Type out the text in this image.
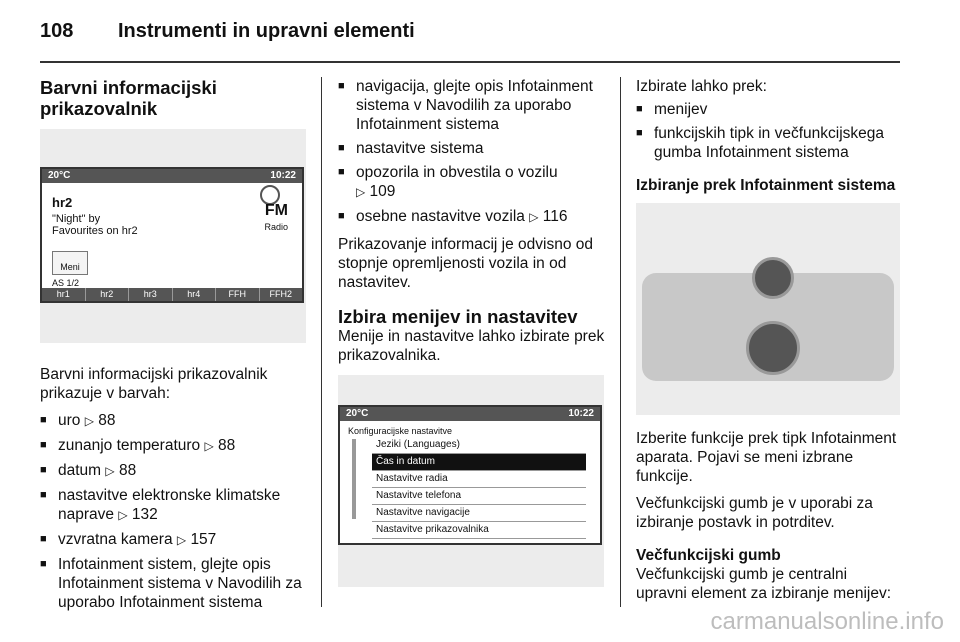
108 Instrumenti in upravni elementi
Barvni informacijski prikazovalnik
20°C	10:22
hr2
"Night" by
Favourites on hr2
FM
Radio
Meni
AS 1/2
hr1	hr2	hr3	hr4	FFH	FFH2

Barvni informacijski prikazovalnik prikazuje v barvah:

■ uro ▷ 88
■ zunanjo temperaturo ▷ 88
■ datum ▷ 88
■ nastavitve elektronske klimatske naprave ▷ 132
■ vzvratna kamera ▷ 157
■ Infotainment sistem, glejte opis Infotainment sistema v Navodilih za uporabo Infotainment sistema
■ navigacija, glejte opis Infotainment sistema v Navodilih za uporabo Infotainment sistema
■ nastavitve sistema
■ opozorila in obvestila o vozilu
▷ 109
■ osebne nastavitve vozila ▷ 116

Prikazovanje informacij je odvisno od stopnje opremljenosti vozila in od nastavitev.

Izbira menijev in nastavitev

Menije in nastavitve lahko izbirate prek prikazovalnika.

20°C	10:22
Konfiguracijske nastavitve
Jeziki (Languages)
Čas in datum
Nastavitve radia
Nastavitve telefona
Nastavitve navigacije
Nastavitve prikazovalnika

Izbirate lahko prek:

■ menijev
■ funkcijskih tipk in večfunkcijskega gumba Infotainment sistema
Izbiranje prek Infotainment sistema

Izberite funkcije prek tipk Infotainment aparata. Pojavi se meni izbrane funkcije.

Večfunkcijski gumb je v uporabi za izbiranje postavk in potrditev.

Večfunkcijski gumb

Večfunkcijski gumb je centralni upravni element za izbiranje menijev:

carmanualsonline.info
